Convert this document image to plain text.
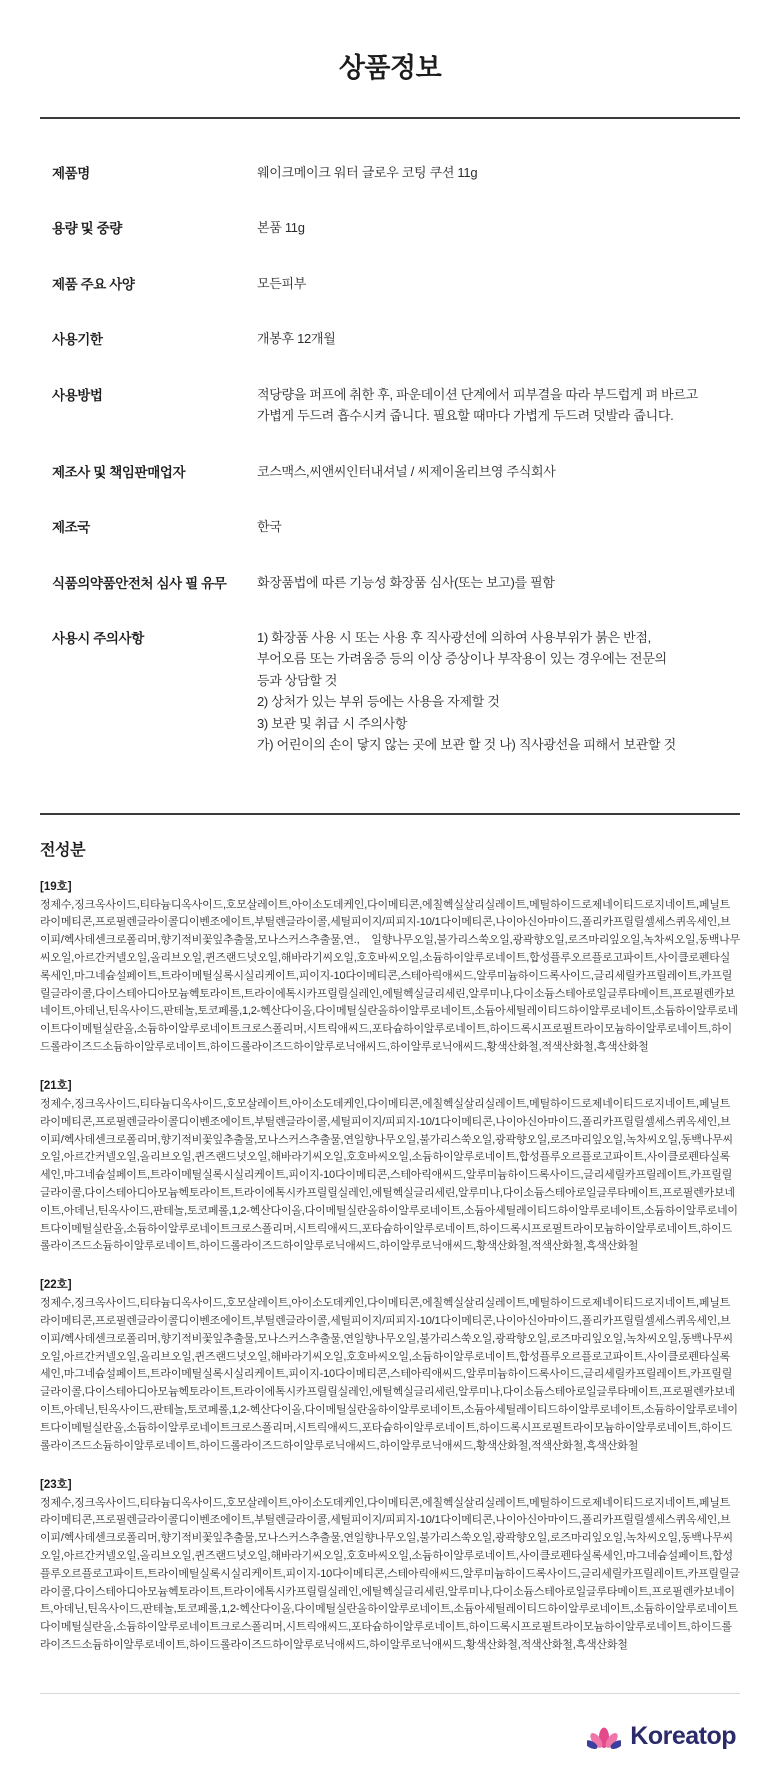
상품정보
제품명	웨이크메이크 워터 글로우 코팅 쿠션 11g

용량 및 중량	본품 11g

제품 주요 사양	모든피부

사용기한	개봉후 12개월

사용방법	적당량을 퍼프에 취한 후, 파운데이션 단계에서 피부결을 따라 부드럽게 펴 바르고
가볍게 두드려 흡수시켜 줍니다. 필요할 때마다 가볍게 두드려 덧발라 줍니다.

제조사 및 책임판매업자	코스맥스,씨앤씨인터내셔널 / 씨제이올리브영 주식회사

제조국	한국

식품의약품안전처 심사 필 유무	화장품법에 따른 기능성 화장품 심사(또는 보고)를 필함

사용시 주의사항	1) 화장품 사용 시 또는 사용 후 직사광선에 의하여 사용부위가 붉은 반점,
부어오름 또는 가려움증 등의 이상 증상이나 부작용이 있는 경우에는 전문의
등과 상담할 것
2) 상처가 있는 부위 등에는 사용을 자제할 것
3) 보관 및 취급 시 주의사항
가) 어린이의 손이 닿지 않는 곳에 보관 할 것 나) 직사광선을 피해서 보관할 것
전성분
[19호]
정제수,징크옥사이드,티타늄디옥사이드,호모살레이트,아이소도데케인,다이메티콘,에칠헥실살리실레이트,메틸하이드로제네이티드로지네이트,페닐트라이메티콘,프로필렌글라이콜디이벤조에이트,부틸렌글라이콜,세틸피이지/피피지-10/1다이메티콘,나이아신아마이드,폴리카프릴릴셀세스퀴옥세인,브이피/헥사데센크로폴리머,향기적비꽃잎추출물,모나스커스추출물,연., 일향나무오일,불가리스쑥오일,광곽향오일,로즈마리잎오일,녹차씨오일,동백나무씨오일,아르간커넬오일,올리브오일,퀸즈랜드넛오일,해바라기씨오일,호호바씨오일,소듐하이알루로네이트,합성플루오르플로고파이트,사이클로펜타실록세인,마그네슘설페이트,트라이메틸실록시실리케이트,피이지-10다이메티콘,스테아릭애씨드,알루미늄하이드록사이드,글리세릴카프릴레이트,카프릴릴글라이콜,다이스테아디아모늄헥토라이트,트라이에톡시카프릴릴실레인,에틸헥실글리세린,알루미나,다이소듐스테아로일글루타메이트,프로필렌카보네이트,아데닌,틴옥사이드,판테놀,토코페롤,1,2-헥산다이올,다이메틸실란올하이알루로네이트,소듐아세틸레이티드하이알루로네이트,소듐하이알루로네이트다이메틸실란올,소듐하이알루로네이트크로스폴리머,시트릭애씨드,포타슘하이알루로네이트,하이드록시프로필트라이모늄하이알루로네이트,하이드롤라이즈드소듐하이알루로네이트,하이드롤라이즈드하이알루로닉애씨드,하이알루로닉애씨드,황색산화철,적색산화철,흑색산화철
[21호]
정제수,징크옥사이드,티타늄디옥사이드,호모살레이트,아이소도데케인,다이메티콘,에칠헥실살리실레이트,메틸하이드로제네이티드로지네이트,페닐트라이메티콘,프로필렌글라이콜디이벤조에이트,부틸렌글라이콜,세틸피이지/피피지-10/1다이메티콘,나이아신아마이드,폴리카프릴릴셀세스퀴옥세인,브이피/헥사데센크로폴리머,향기적비꽃잎추출물,모나스커스추출물,연일향나무오일,불가리스쑥오일,광곽향오일,로즈마리잎오일,녹차씨오일,동백나무씨오일,아르간커넬오일,올리브오일,퀸즈랜드넛오일,해바라기씨오일,호호바씨오일,소듐하이알루로네이트,합성플루오르플로고파이트,사이클로펜타실록세인,마그네슘설페이트,트라이메틸실록시실리케이트,피이지-10다이메티콘,스테아릭애씨드,알루미늄하이드록사이드,글리세릴카프릴레이트,카프릴릴글라이콜,다이스테아디아모늄헥토라이트,트라이에톡시카프릴릴실레인,에틸헥실글리세린,알루미나,다이소듐스테아로일글루타메이트,프로필렌카보네이트,아데닌,틴옥사이드,판테놀,토코페롤,1,2-헥산다이올,다이메틸실란올하이알루로네이트,소듐아세틸레이티드하이알루로네이트,소듐하이알루로네이트다이메틸실란올,소듐하이알루로네이트크로스폴리머,시트릭애씨드,포타슘하이알루로네이트,하이드록시프로필트라이모늄하이알루로네이트,하이드롤라이즈드소듐하이알루로네이트,하이드롤라이즈드하이알루로닉애씨드,하이알루로닉애씨드,황색산화철,적색산화철,흑색산화철
[22호]
정제수,징크옥사이드,티타늄디옥사이드,호모살레이트,아이소도데케인,다이메티콘,에칠헥실살리실레이트,메틸하이드로제네이티드로지네이트,페닐트라이메티콘,프로필렌글라이콜디이벤조에이트,부틸렌글라이콜,세틸피이지/피피지-10/1다이메티콘,나이아신아마이드,폴리카프릴릴셀세스퀴옥세인,브이피/헥사데센크로폴리머,향기적비꽃잎추출물,모나스커스추출물,연일향나무오일,불가리스쑥오일,광곽향오일,로즈마리잎오일,녹차씨오일,동백나무씨오일,아르간커넬오일,올리브오일,퀸즈랜드넛오일,해바라기씨오일,호호바씨오일,소듐하이알루로네이트,합성플루오르플로고파이트,사이클로펜타실록세인,마그네슘설페이트,트라이메틸실록시실리케이트,피이지-10다이메티콘,스테아릭애씨드,알루미늄하이드록사이드,글리세릴카프릴레이트,카프릴릴글라이콜,다이스테아디아모늄헥토라이트,트라이에톡시카프릴릴실레인,에틸헥실글리세린,알루미나,다이소듐스테아로일글루타메이트,프로필렌카보네이트,아데닌,틴옥사이드,판테놀,토코페롤,1,2-헥산다이올,다이메틸실란올하이알루로네이트,소듐아세틸레이티드하이알루로네이트,소듐하이알루로네이트다이메틸실란올,소듐하이알루로네이트크로스폴리머,시트릭애씨드,포타슘하이알루로네이트,하이드록시프로필트라이모늄하이알루로네이트,하이드롤라이즈드소듐하이알루로네이트,하이드롤라이즈드하이알루로닉애씨드,하이알루로닉애씨드,황색산화철,적색산화철,흑색산화철
[23호]
정제수,징크옥사이드,티타늄디옥사이드,호모살레이트,아이소도데케인,다이메티콘,에칠헥실살리실레이트,메틸하이드로제네이티드로지네이트,페닐트라이메티콘,프로필렌글라이콜디이벤조에이트,부틸렌글라이콜,세틸피이지/피피지-10/1다이메티콘,나이아신아마이드,폴리카프릴릴셀세스퀴옥세인,브이피/헥사데센크로폴리머,향기적비꽃잎추출물,모나스커스추출물,연일향나무오일,불가리스쑥오일,광곽향오일,로즈마리잎오일,녹차씨오일,동백나무씨오일,아르간커넬오일,올리브오일,퀸즈랜드넛오일,해바라기씨오일,호호바씨오일,소듐하이알루로네이트,사이클로펜타실록세인,마그네슘설페이트,합성플루오르플로고파이트,트라이메틸실록시실리케이트,피이지-10다이메티콘,스테아릭애씨드,알루미늄하이드록사이드,글리세릴카프릴레이트,카프릴릴글라이콜,다이스테아디아모늄헥토라이트,트라이에톡시카프릴릴실레인,에틸헥실글리세린,알루미나,다이소듐스테아로일글루타메이트,프로필렌카보네이트,아데닌,틴옥사이드,판테놀,토코페롤,1,2-헥산다이올,다이메틸실란올하이알루로네이트,소듐아세틸레이티드하이알루로네이트,소듐하이알루로네이트다이메틸실란올,소듐하이알루로네이트크로스폴리머,시트릭애씨드,포타슘하이알루로네이트,하이드록시프로필트라이모늄하이알루로네이트,하이드롤라이즈드소듐하이알루로네이트,하이드롤라이즈드하이알루로닉애씨드,하이알루로닉애씨드,황색산화철,적색산화철,흑색산화철
Koreatop
